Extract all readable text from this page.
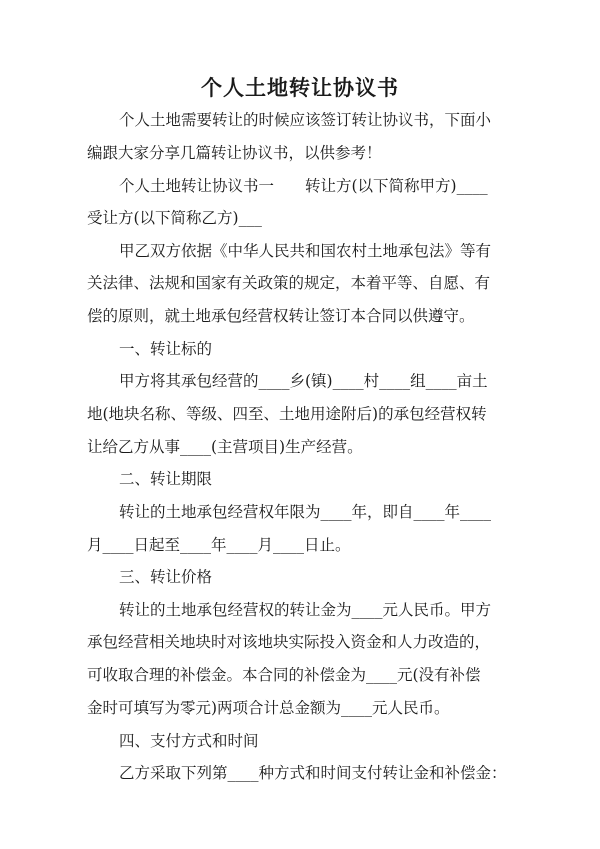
个人土地转让协议书
个人土地需要转让的时候应该签订转让协议书，下面小
编跟大家分享几篇转让协议书，以供参考！
个人土地转让协议书一　　转让方(以下简称甲方)____
受让方(以下简称乙方)___
甲乙双方依据《中华人民共和国农村土地承包法》等有
关法律、法规和国家有关政策的规定，本着平等、自愿、有
偿的原则，就土地承包经营权转让签订本合同以供遵守。
一、转让标的
甲方将其承包经营的____乡(镇)____村____组____亩土
地(地块名称、等级、四至、土地用途附后)的承包经营权转
让给乙方从事____(主营项目)生产经营。
二、转让期限
转让的土地承包经营权年限为____年，即自____年____
月____日起至____年____月____日止。
三、转让价格
转让的土地承包经营权的转让金为____元人民币。甲方
承包经营相关地块时对该地块实际投入资金和人力改造的，
可收取合理的补偿金。本合同的补偿金为____元(没有补偿
金时可填写为零元)两项合计总金额为____元人民币。
四、支付方式和时间
乙方采取下列第____种方式和时间支付转让金和补偿金：
